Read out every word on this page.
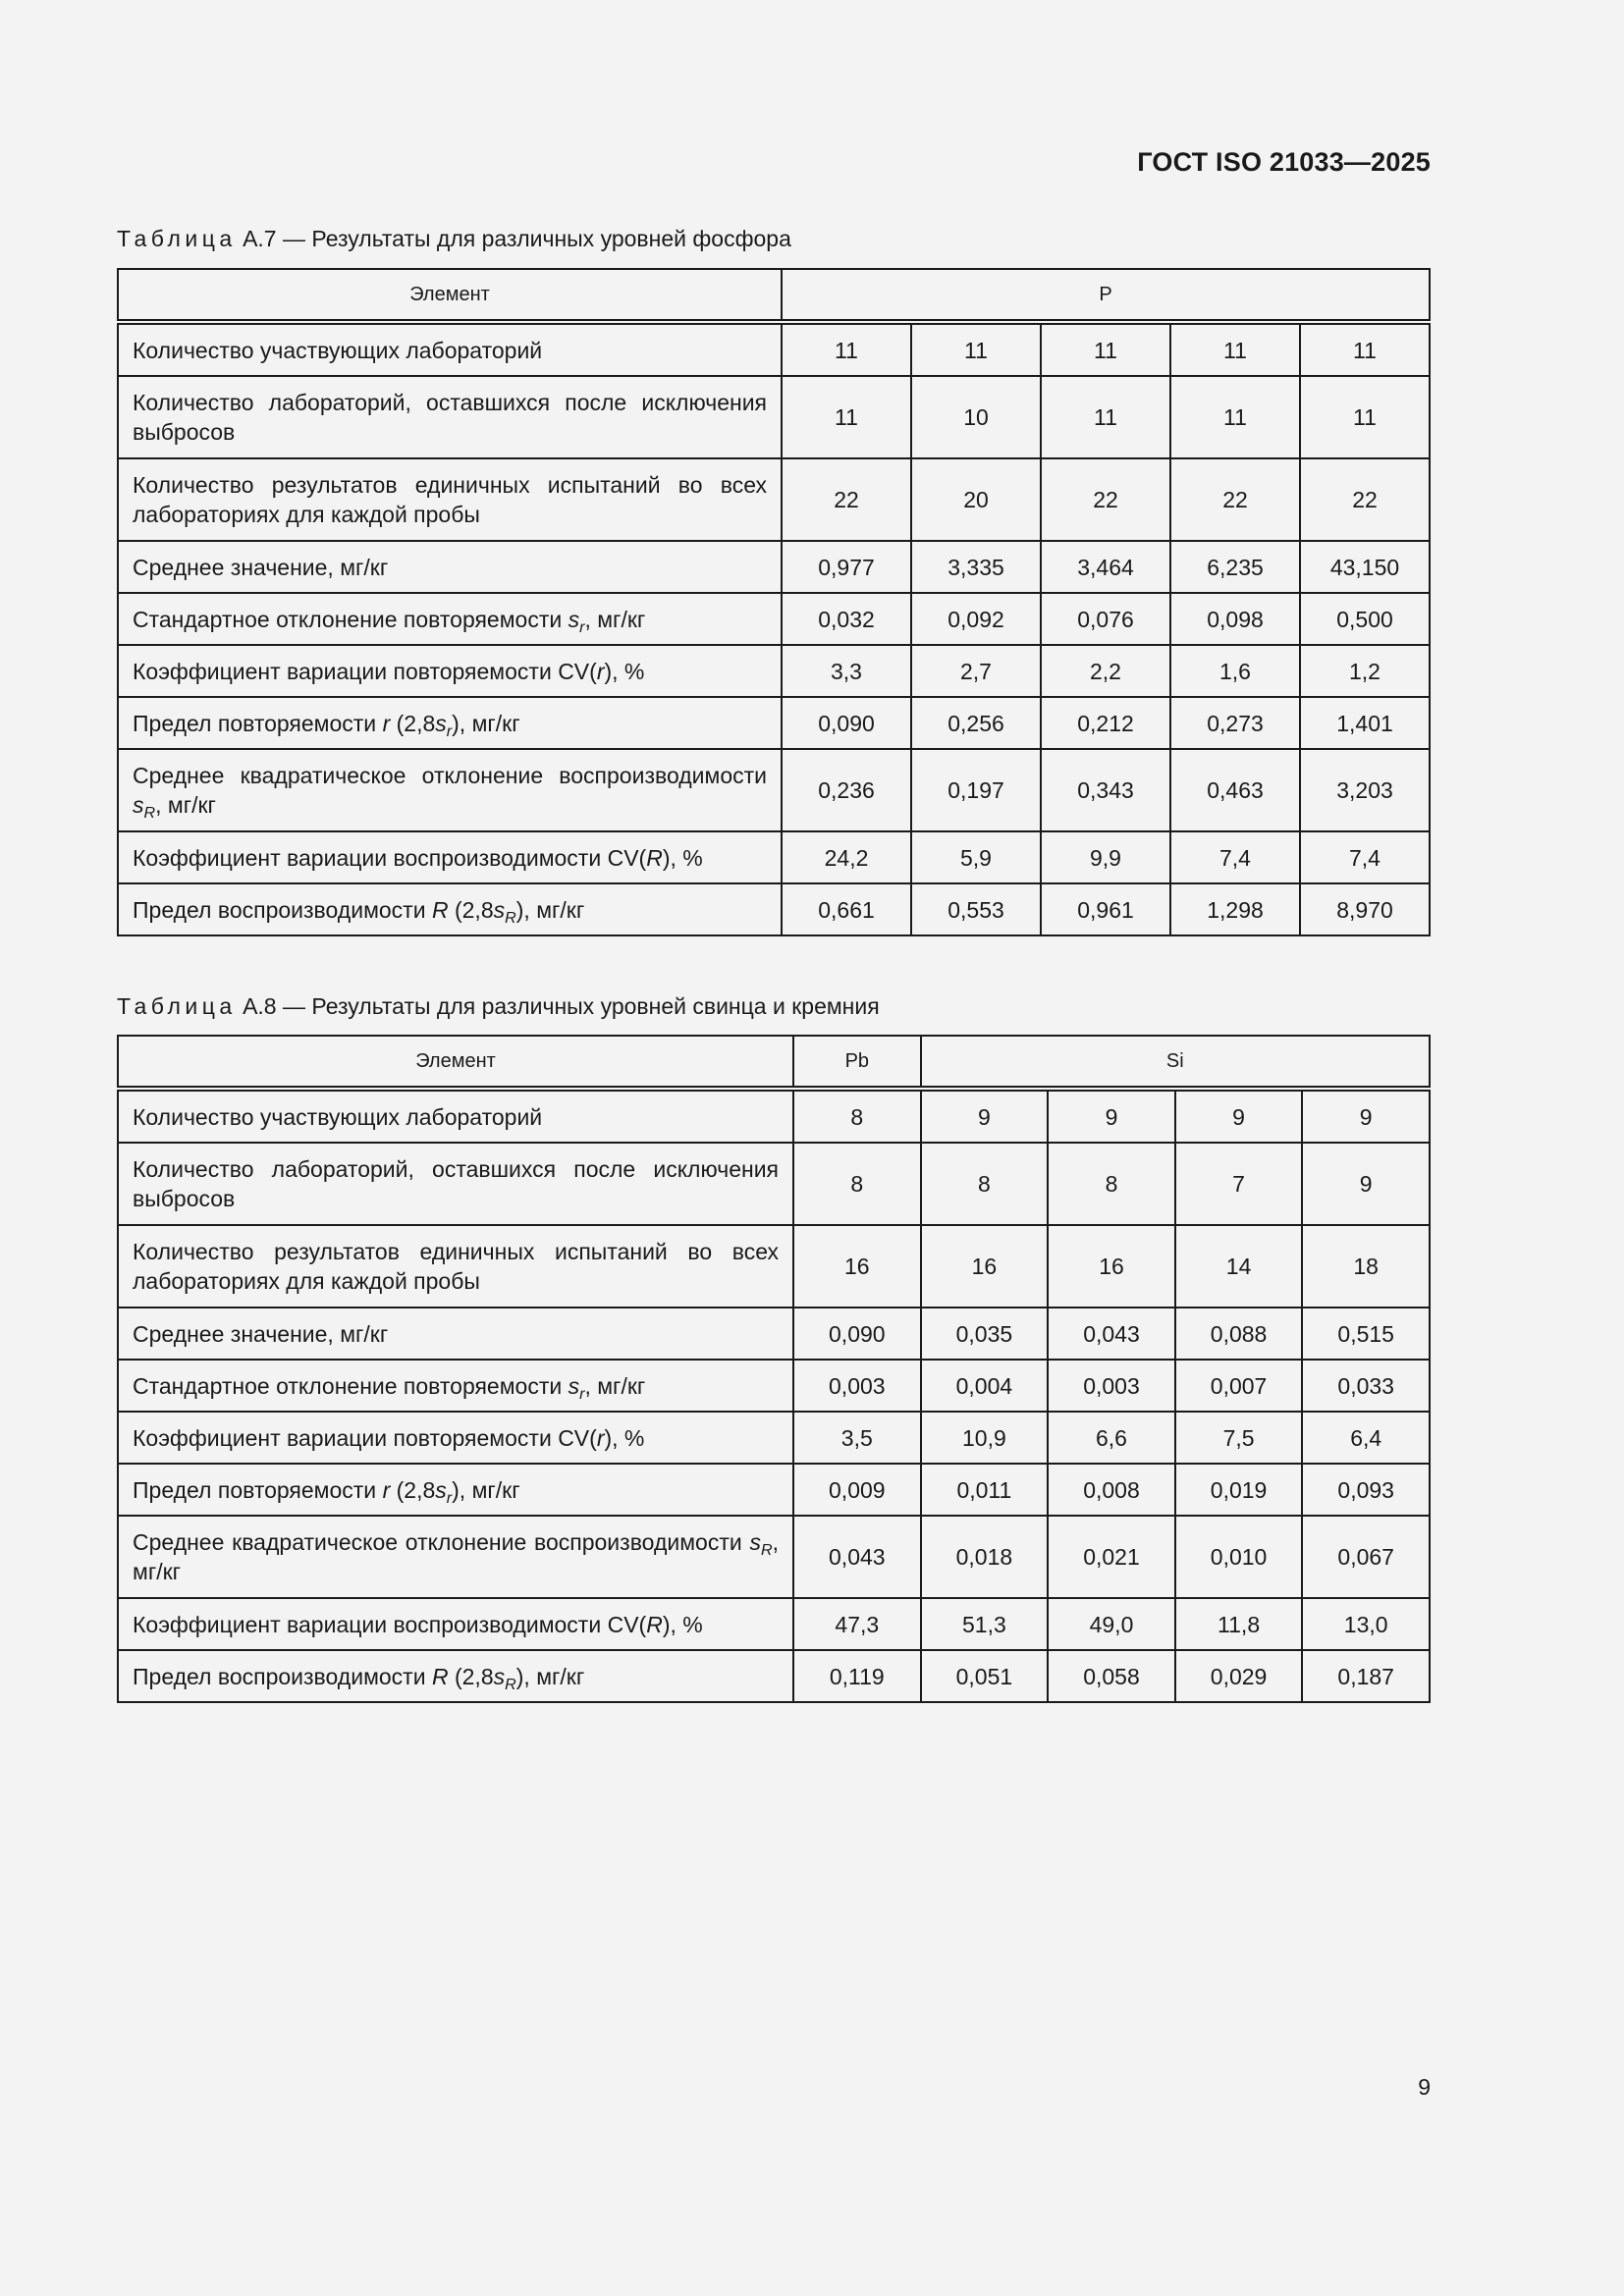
ГОСТ ISO 21033—2025
Таблица А.7 — Результаты для различных уровней фосфора
Элемент	P				
Количество участвующих лабораторий	11	11	11	11	11
Количество лабораторий, оставшихся после исключения выбросов	11	10	11	11	11
Количество результатов единичных испытаний во всех лабораториях для каждой пробы	22	20	22	22	22
Среднее значение, мг/кг	0,977	3,335	3,464	6,235	43,150
Стандартное отклонение повторяемости $s_r$, мг/кг	0,032	0,092	0,076	0,098	0,500
Коэффициент вариации повторяемости CV(r), %	3,3	2,7	2,2	1,6	1,2
Предел повторяемости r $(2,8s_r)$, мг/кг	0,090	0,256	0,212	0,273	1,401
Среднее квадратическое отклонение воспроизводимости $s_R$, мг/кг	0,236	0,197	0,343	0,463	3,203
Коэффициент вариации воспроизводимости CV(R), %	24,2	5,9	9,9	7,4	7,4
Предел воспроизводимости R $(2,8s_R)$, мг/кг	0,661	0,553	0,961	1,298	8,970
Таблица А.8 — Результаты для различных уровней свинца и кремния
Элемент	Pb	Si			
Количество участвующих лабораторий	8	9	9	9	9
Количество лабораторий, оставшихся после исключения выбросов	8	8	8	7	9
Количество результатов единичных испытаний во всех лабораториях для каждой пробы	16	16	16	14	18
Среднее значение, мг/кг	0,090	0,035	0,043	0,088	0,515
Стандартное отклонение повторяемости $s_r$, мг/кг	0,003	0,004	0,003	0,007	0,033
Коэффициент вариации повторяемости CV(r), %	3,5	10,9	6,6	7,5	6,4
Предел повторяемости r $(2,8s_r)$, мг/кг	0,009	0,011	0,008	0,019	0,093
Среднее квадратическое отклонение воспроизводимости $s_R$, мг/кг	0,043	0,018	0,021	0,010	0,067
Коэффициент вариации воспроизводимости CV(R), %	47,3	51,3	49,0	11,8	13,0
Предел воспроизводимости R $(2,8s_R)$, мг/кг	0,119	0,051	0,058	0,029	0,187
9
